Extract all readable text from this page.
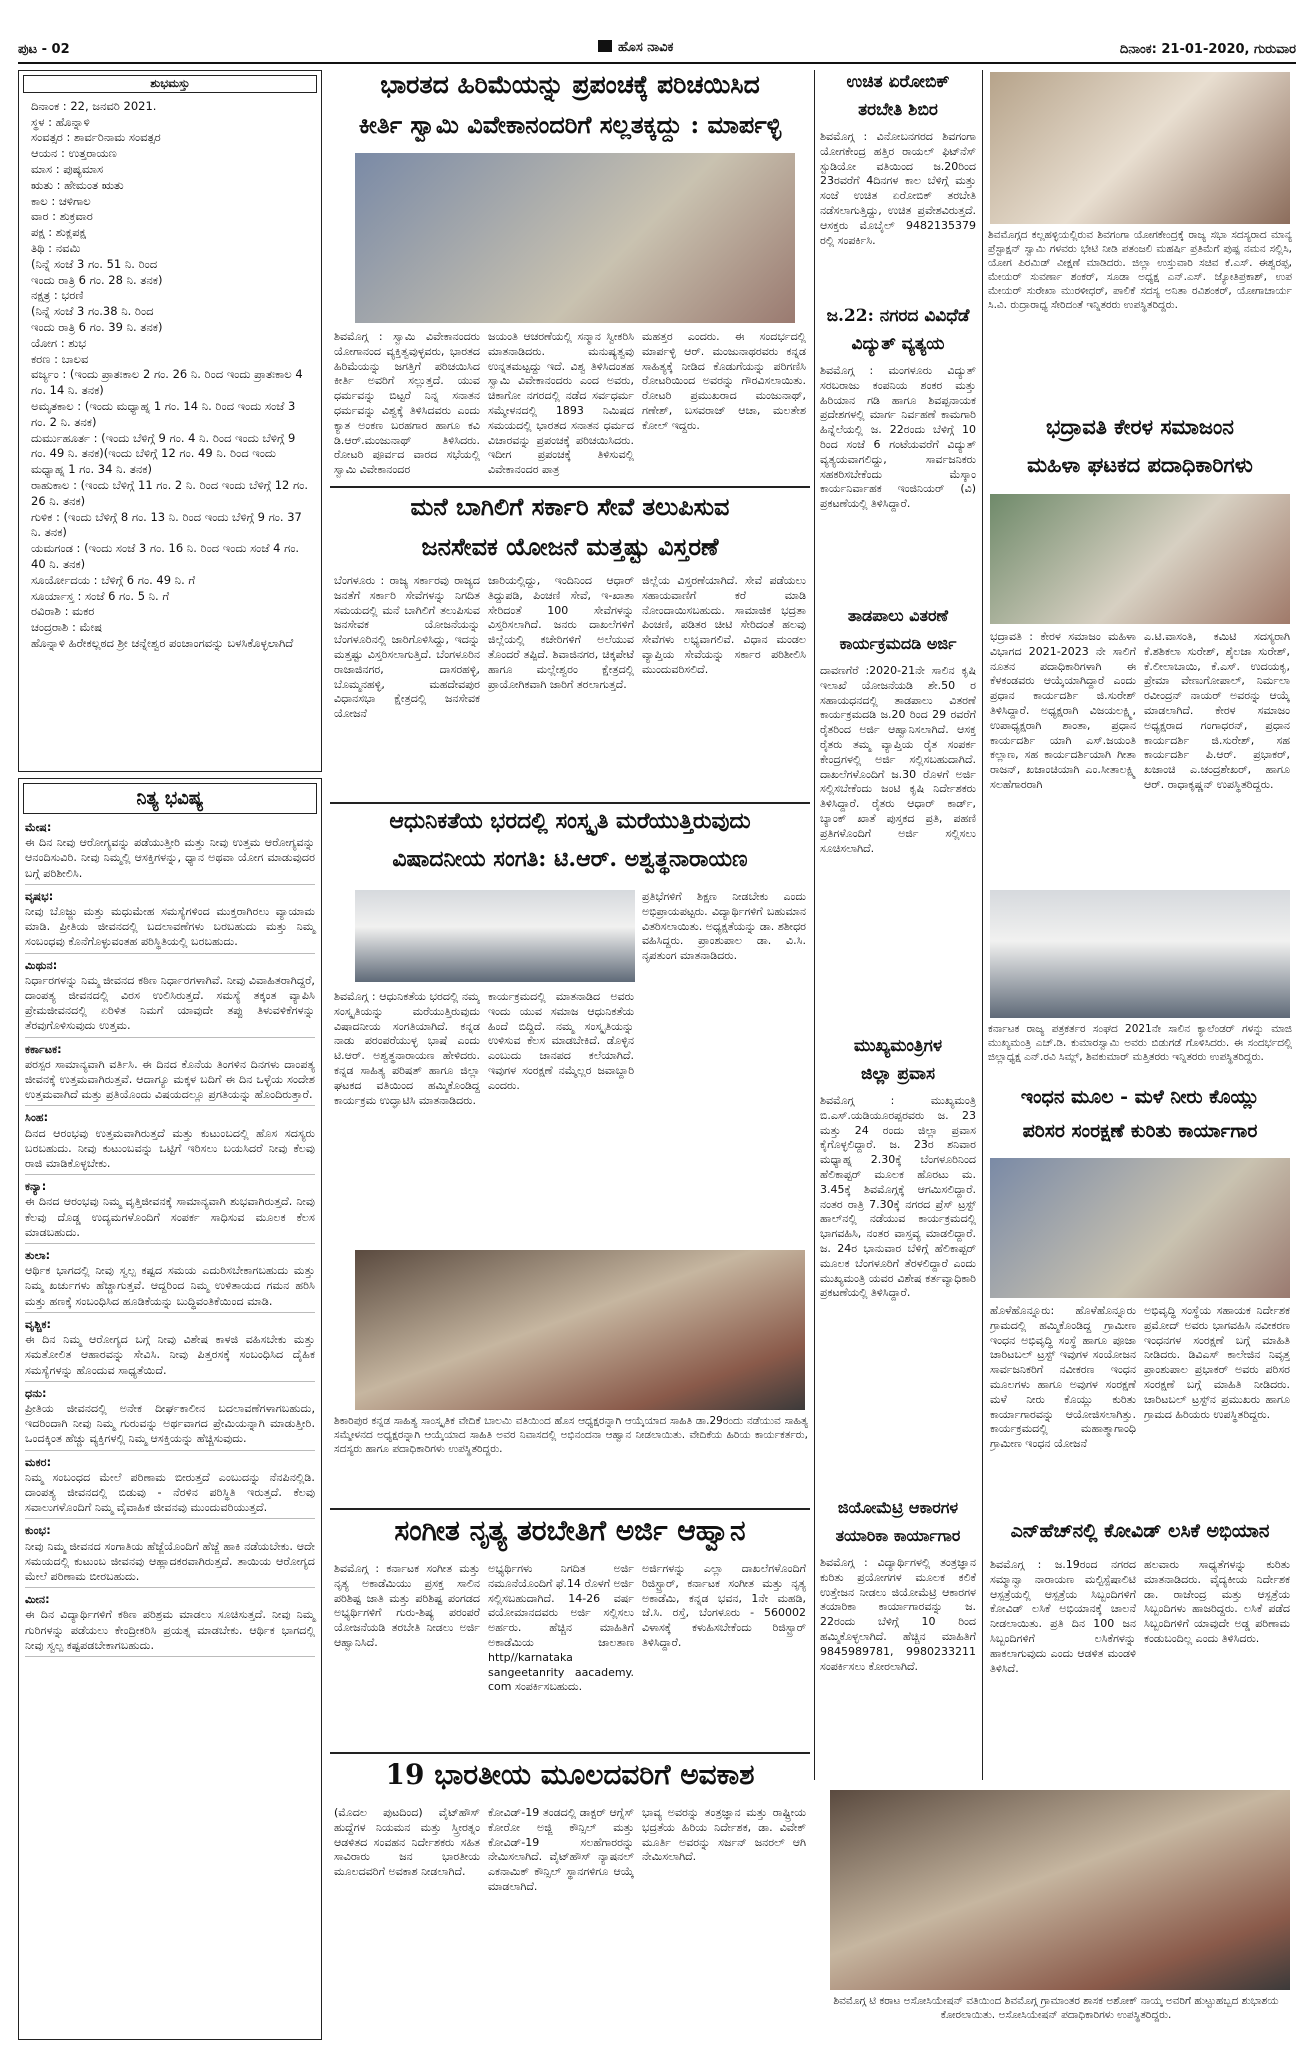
ಪುಟ - 02	ಹೊಸ ನಾವಿಕ	ದಿನಾಂಕ: 21-01-2020, ಗುರುವಾರ
ಶುಭಮಸ್ತು
ದಿನಾಂಕ : 22, ಜನವರಿ 2021.
ಸ್ಥಳ : ಹೊನ್ನಾಳಿ
ಸಂವತ್ಸರ : ಶಾರ್ವರಿನಾಮ ಸಂವತ್ಸರ
ಆಯನ : ಉತ್ತರಾಯಣ
ಮಾಸ : ಪುಷ್ಯಮಾಸ
ಋತು : ಹೇಮಂತ ಋತು
ಕಾಲ : ಚಳಿಗಾಲ
ವಾರ : ಶುಕ್ರವಾರ
ಪಕ್ಷ : ಶುಕ್ಲಪಕ್ಷ
ತಿಥಿ : ನವಮಿ
(ನಿನ್ನೆ ಸಂಜೆ 3 ಗಂ. 51 ನಿ. ರಿಂದ
ಇಂದು ರಾತ್ರಿ 6 ಗಂ. 28 ನಿ. ತನಕ)
ನಕ್ಷತ್ರ : ಭರಣಿ
(ನಿನ್ನೆ ಸಂಜೆ 3 ಗಂ.38 ನಿ. ರಿಂದ
ಇಂದು ರಾತ್ರಿ 6 ಗಂ. 39 ನಿ. ತನಕ)
ಯೋಗ : ಶುಭ
ಕರಣ : ಬಾಲವ
ವರ್ಜ್ಯಂ : (ಇಂದು ಪ್ರಾತಃಕಾಲ 2 ಗಂ. 26 ನಿ. ರಿಂದ ಇಂದು ಪ್ರಾತಃಕಾಲ 4 ಗಂ. 14 ನಿ. ತನಕ)
ಅಮೃತಕಾಲ : (ಇಂದು ಮಧ್ಯಾಹ್ನ 1 ಗಂ. 14 ನಿ. ರಿಂದ ಇಂದು ಸಂಜೆ 3 ಗಂ. 2 ನಿ. ತನಕ)
ದುರ್ಮುಹೂರ್ತ : (ಇಂದು ಬೆಳಿಗ್ಗೆ 9 ಗಂ. 4 ನಿ. ರಿಂದ ಇಂದು ಬೆಳಿಗ್ಗೆ 9 ಗಂ. 49 ನಿ. ತನಕ)(ಇಂದು ಬೆಳಿಗ್ಗೆ 12 ಗಂ. 49 ನಿ. ರಿಂದ ಇಂದು ಮಧ್ಯಾಹ್ನ 1 ಗಂ. 34 ನಿ. ತನಕ)
ರಾಹುಕಾಲ : (ಇಂದು ಬೆಳಿಗ್ಗೆ 11 ಗಂ. 2 ನಿ. ರಿಂದ ಇಂದು ಬೆಳಿಗ್ಗೆ 12 ಗಂ. 26 ನಿ. ತನಕ)
ಗುಳಿಕ : (ಇಂದು ಬೆಳಿಗ್ಗೆ 8 ಗಂ. 13 ನಿ. ರಿಂದ ಇಂದು ಬೆಳಿಗ್ಗೆ 9 ಗಂ. 37 ನಿ. ತನಕ)
ಯಮಗಂಡ : (ಇಂದು ಸಂಜೆ 3 ಗಂ. 16 ನಿ. ರಿಂದ ಇಂದು ಸಂಜೆ 4 ಗಂ. 40 ನಿ. ತನಕ)
ಸೂರ್ಯೋದಯ : ಬೆಳಿಗ್ಗೆ 6 ಗಂ. 49 ನಿ. ಗೆ
ಸೂರ್ಯಾಸ್ತ : ಸಂಜೆ 6 ಗಂ. 5 ನಿ. ಗೆ
ರವಿರಾಶಿ : ಮಕರ
ಚಂದ್ರರಾಶಿ : ಮೇಷ
ಹೊನ್ನಾಳಿ ಹಿರೇಕಲ್ಲಠದ ಶ್ರೀ ಚನ್ನೇಶ್ವರ ಪಂಚಾಂಗವನ್ನು ಬಳಸಿಕೊಳ್ಳಲಾಗಿದೆ
ನಿತ್ಯ ಭವಿಷ್ಯ
ಮೇಷ:
ಈ ದಿನ ನೀವು ಆರೋಗ್ಯವನ್ನು ಪಡೆಯುತ್ತೀರಿ ಮತ್ತು ನೀವು ಉತ್ತಮ ಆರೋಗ್ಯವನ್ನು ಆನಂದಿಸುವಿರಿ. ನೀವು ನಿಮ್ಮಲ್ಲಿ ಆಸಕ್ತಿಗಳನ್ನು, ಧ್ಯಾನ ಅಥವಾ ಯೋಗ ಮಾಡುವುದರ ಬಗ್ಗೆ ಪರಿಶೀಲಿಸಿ.
ವೃಷಭ:
ನೀವು ಬೊಜ್ಜು ಮತ್ತು ಮಧುಮೇಹ ಸಮಸ್ಯೆಗಳಿಂದ ಮುಕ್ತರಾಗಿರಲು ವ್ಯಾಯಾಮ ಮಾಡಿ. ಪ್ರೀತಿಯ ಜೀವನದಲ್ಲಿ ಬದಲಾವಣೆಗಳು ಬರಬಹುದು ಮತ್ತು ನಿಮ್ಮ ಸಂಬಂಧವು ಕೊನೆಗೊಳ್ಳುವಂತಹ ಪರಿಸ್ಥಿತಿಯಲ್ಲಿ ಬರಬಹುದು.
ಮಿಥುನ:
ನಿರ್ಧಾರಗಳನ್ನು ನಿಮ್ಮ ಜೀವನದ ಕಠಿಣ ನಿರ್ಧಾರಗಳಾಗಿವೆ. ನೀವು ವಿವಾಹಿತರಾಗಿದ್ದರೆ, ದಾಂಪತ್ಯ ಜೀವನದಲ್ಲಿ ವಿರಸ ಉಲಿಸಿರುತ್ತದೆ. ಸಮಸ್ಯೆ ತಕ್ಕಂತ ವ್ಯಾಪಿಸಿ ಪ್ರೇಮಜೀವನದಲ್ಲಿ ಏರಿಳಿತ ನಿಮಗೆ ಯಾವುದೇ ತಪ್ಪು ತಿಳುವಳಿಕೆಗಳನ್ನು ತೆರವುಗೊಳಿಸುವುದು ಉತ್ತಮ.
ಕರ್ಕಾಟಕ:
ಪರಸ್ಪರ ಸಾಮಾನ್ಯವಾಗಿ ವರ್ತಿಸಿ. ಈ ದಿನದ ಕೊನೆಯ ತಿಂಗಳಿನ ದಿನಗಳು ದಾಂಪತ್ಯ ಜೀವನಕ್ಕೆ ಉತ್ತಮವಾಗಿರುತ್ತವೆ. ಆದಾಗ್ಯೂ ಮಕ್ಕಳ ಬದಿಗೆ ಈ ದಿನ ಒಳ್ಳೆಯ ಸಂದೇಶ ಉತ್ತಮವಾಗಿದೆ ಮತ್ತು ಪ್ರತಿಯೊಂದು ವಿಷಯದಲ್ಲೂ ಪ್ರಗತಿಯನ್ನು ಹೊಂದಿರುತ್ತಾರೆ.
ಸಿಂಹ:
ದಿನದ ಆರಂಭವು ಉತ್ತಮವಾಗಿರುತ್ತದೆ ಮತ್ತು ಕುಟುಂಬದಲ್ಲಿ ಹೊಸ ಸದಸ್ಯರು ಬರಬಹುದು. ನೀವು ಕುಟುಂಬವನ್ನು ಒಟ್ಟಿಗೆ ಇರಿಸಲು ಬಯಸಿದರೆ ನೀವು ಕೆಲವು ರಾಜಿ ಮಾಡಿಕೊಳ್ಳಬೇಕು.
ಕನ್ಯಾ:
ಈ ದಿನದ ಆರಂಭವು ನಿಮ್ಮ ವೃತ್ತಿಜೀವನಕ್ಕೆ ಸಾಮಾನ್ಯವಾಗಿ ಶುಭವಾಗಿರುತ್ತದೆ. ನೀವು ಕೆಲವು ದೊಡ್ಡ ಉದ್ಯಮಗಳೊಂದಿಗೆ ಸಂಪರ್ಕ ಸಾಧಿಸುವ ಮೂಲಕ ಕೆಲಸ ಮಾಡಬಹುದು.
ತುಲಾ:
ಆರ್ಥಿಕ ಭಾಗದಲ್ಲಿ ನೀವು ಸ್ವಲ್ಪ ಕಷ್ಟದ ಸಮಯ ಎದುರಿಸಬೇಕಾಗಬಹುದು ಮತ್ತು ನಿಮ್ಮ ಖರ್ಚುಗಳು ಹೆಚ್ಚಾಗುತ್ತವೆ. ಆದ್ದರಿಂದ ನಿಮ್ಮ ಉಳಿತಾಯದ ಗಮನ ಹರಿಸಿ ಮತ್ತು ಹಣಕ್ಕೆ ಸಂಬಂಧಿಸಿದ ಹೂಡಿಕೆಯನ್ನು ಬುದ್ಧಿವಂತಿಕೆಯಿಂದ ಮಾಡಿ.
ವೃಶ್ಚಿಕ:
ಈ ದಿನ ನಿಮ್ಮ ಆರೋಗ್ಯದ ಬಗ್ಗೆ ನೀವು ವಿಶೇಷ ಕಾಳಜಿ ವಹಿಸಬೇಕು ಮತ್ತು ಸಮತೋಲಿತ ಆಹಾರವನ್ನು ಸೇವಿಸಿ. ನೀವು ಪಿತ್ತರಸಕ್ಕೆ ಸಂಬಂಧಿಸಿದ ದೈಹಿಕ ಸಮಸ್ಯೆಗಳನ್ನು ಹೊಂದುವ ಸಾಧ್ಯತೆಯಿದೆ.
ಧನು:
ಪ್ರೀತಿಯ ಜೀವನದಲ್ಲಿ ಅನೇಕ ದೀರ್ಘಕಾಲೀನ ಬದಲಾವಣೆಗಳಾಗಬಹುದು, ಇದರಿಂದಾಗಿ ನೀವು ನಿಮ್ಮ ಗುರುವನ್ನು ಅರ್ಥವಾಗದ ಪ್ರೇಮಿಯನ್ನಾಗಿ ಮಾಡುತ್ತೀರಿ. ಒಂದಕ್ಕಿಂತ ಹೆಚ್ಚು ವ್ಯಕ್ತಿಗಳಲ್ಲಿ ನಿಮ್ಮ ಆಸಕ್ತಿಯನ್ನು ಹೆಚ್ಚಿಸುವುದು.
ಮಕರ:
ನಿಮ್ಮ ಸಂಬಂಧದ ಮೇಲೆ ಪರಿಣಾಮ ಬೀರುತ್ತದೆ ಎಂಬುದನ್ನು ನೆನಪಿನಲ್ಲಿಡಿ. ದಾಂಪತ್ಯ ಜೀವನದಲ್ಲಿ ಬಿಡುವು - ನೆರಳಿನ ಪರಿಸ್ಥಿತಿ ಇರುತ್ತದೆ. ಕೆಲವು ಸವಾಲುಗಳೊಂದಿಗೆ ನಿಮ್ಮ ವೈವಾಹಿಕ ಜೀವನವು ಮುಂದುವರಿಯುತ್ತದೆ.
ಕುಂಭ:
ನೀವು ನಿಮ್ಮ ಜೀವನದ ಸಂಗಾತಿಯ ಹೆಜ್ಜೆಯೊಂದಿಗೆ ಹೆಜ್ಜೆ ಹಾಕಿ ನಡೆಯಬೇಕು. ಆದೇ ಸಮಯದಲ್ಲಿ ಕುಟುಂಬ ಜೀವನವು ಆಹ್ಲಾದಕರವಾಗಿರುತ್ತದೆ. ತಾಯಿಯ ಆರೋಗ್ಯದ ಮೇಲೆ ಪರಿಣಾಮ ಬೀರಬಹುದು.
ಮೀನ:
ಈ ದಿನ ವಿದ್ಯಾರ್ಥಿಗಳಿಗೆ ಕಠಿಣ ಪರಿಶ್ರಮ ಮಾಡಲು ಸೂಚಿಸುತ್ತದೆ. ನೀವು ನಿಮ್ಮ ಗುರಿಗಳನ್ನು ಪಡೆಯಲು ಕೇಂದ್ರೀಕರಿಸಿ ಪ್ರಯತ್ನ ಮಾಡಬೇಕು. ಆರ್ಥಿಕ ಭಾಗದಲ್ಲಿ ನೀವು ಸ್ವಲ್ಪ ಕಷ್ಟಪಡಬೇಕಾಗಬಹುದು.
ಭಾರತದ ಹಿರಿಮೆಯನ್ನು ಪ್ರಪಂಚಕ್ಕೆ ಪರಿಚಯಿಸಿದ
ಕೀರ್ತಿ ಸ್ವಾಮಿ ವಿವೇಕಾನಂದರಿಗೆ ಸಲ್ಲತಕ್ಕದ್ದು : ಮಾರ್ಪಳ್ಳಿ
ಶಿವಮೊಗ್ಗ : ಸ್ವಾಮಿ ವಿವೇಕಾನಂದರು ಯೋಗಾನಂದ ವ್ಯಕ್ತಿತ್ವವುಳ್ಳವರು, ಭಾರತದ ಹಿರಿಮೆಯನ್ನು ಜಗತ್ತಿಗೆ ಪರಿಚಯಿಸಿದ ಕೀರ್ತಿ ಅವರಿಗೆ ಸಲ್ಲುತ್ತದೆ. ಯುವ ಧರ್ಮವನ್ನು ಬಿಟ್ಟರೆ ನಿನ್ನ ಸನಾತನ ಧರ್ಮವನ್ನು ವಿಶ್ವಕ್ಕೆ ತಿಳಿಸಿದವರು ಎಂದು ಕ್ಯಾತ ಅಂಕಣ ಬರಹಗಾರ ಹಾಗೂ ಕವಿ ಡಿ.ಆರ್.ಮಂಜುನಾಥ್ ತಿಳಿಸಿದರು. ರೋಟರಿ ಪೂರ್ವದ ವಾರದ ಸಭೆಯಲ್ಲಿ ಸ್ವಾಮಿ ವಿವೇಕಾನಂದರ
ಜಯಂತಿ ಆಚರಣೆಯಲ್ಲಿ ಸನ್ಮಾನ ಸ್ವೀಕರಿಸಿ ಮಾತನಾಡಿದರು. ಮನುಷ್ಯತ್ವವು ಉನ್ನತಮಟ್ಟದ್ದು ಇದೆ. ವಿಶ್ವ ತಿಳಿಸಿದಂತಹ ಸ್ವಾಮಿ ವಿವೇಕಾನಂದರು ಎಂದ ಅವರು, ಚಿಕಾಗೋ ನಗರದಲ್ಲಿ ನಡೆದ ಸರ್ವಧರ್ಮ ಸಮ್ಮೇಳನದಲ್ಲಿ 1893 ನಿಮಿಷದ ಸಮಯದಲ್ಲಿ ಭಾರತದ ಸನಾತನ ಧರ್ಮದ ವಿಚಾರವನ್ನು ಪ್ರಪಂಚಕ್ಕೆ ಪರಿಚಯಿಸಿದರು. ಇದೀಗ ಪ್ರಪಂಚಕ್ಕೆ ತಿಳಿಸುವಲ್ಲಿ ವಿವೇಕಾನಂದರ ಪಾತ್ರ
ಮಹತ್ತರ ಎಂದರು. ಈ ಸಂದರ್ಭದಲ್ಲಿ ಮಾರ್ಪಳ್ಳಿ ಆರ್. ಮಂಜುನಾಥರವರು ಕನ್ನಡ ಸಾಹಿತ್ಯಕ್ಕೆ ನೀಡಿದ ಕೊಡುಗೆಯನ್ನು ಪರಿಗಣಿಸಿ ರೋಟರಿಯಿಂದ ಅವರನ್ನು ಗೌರವಿಸಲಾಯಿತು. ರೋಟರಿ ಪ್ರಮುಖರಾದ ಮಂಜುನಾಥ್, ಗಣೇಶ್, ಬಸವರಾಜ್ ಆಚಾ, ಮಲತೇಶ ಕೋಲ್ ಇದ್ದರು.
ಮನೆ ಬಾಗಿಲಿಗೆ ಸರ್ಕಾರಿ ಸೇವೆ ತಲುಪಿಸುವ
ಜನಸೇವಕ ಯೋಜನೆ ಮತ್ತಷ್ಟು ವಿಸ್ತರಣೆ
ಬೆಂಗಳೂರು : ರಾಜ್ಯ ಸರ್ಕಾರವು ರಾಜ್ಯದ ಜನತೆಗೆ ಸರ್ಕಾರಿ ಸೇವೆಗಳನ್ನು ನಿಗದಿತ ಸಮಯದಲ್ಲಿ ಮನೆ ಬಾಗಿಲಿಗೆ ತಲುಪಿಸುವ ಜನಸೇವಕ ಯೋಜನೆಯನ್ನು ಬೆಂಗಳೂರಿನಲ್ಲಿ ಜಾರಿಗೊಳಿಸಿದ್ದು, ಇದನ್ನು ಮತ್ತಷ್ಟು ವಿಸ್ತರಿಸಲಾಗುತ್ತಿದೆ. ಬೆಂಗಳೂರಿನ ರಾಜಾಜಿನಗರ, ದಾಸರಹಳ್ಳಿ, ಬೊಮ್ಮನಹಳ್ಳಿ, ಮಹದೇವಪುರ ವಿಧಾನಸಭಾ ಕ್ಷೇತ್ರದಲ್ಲಿ ಜನಸೇವಕ ಯೋಜನೆ
ಜಾರಿಯಲ್ಲಿದ್ದು, ಇಂದಿನಿಂದ ಆಧಾರ್ ತಿದ್ದುಪಡಿ, ಪಿಂಚಣಿ ಸೇವೆ, ಇ-ಖಾತಾ ಸೇರಿದಂತೆ 100 ಸೇವೆಗಳನ್ನು ವಿಸ್ತರಿಸಲಾಗಿದೆ. ಜನರು ದಾಖಲೆಗಳಿಗೆ ಜಿಲ್ಲೆಯಲ್ಲಿ ಕಚೇರಿಗಳಿಗೆ ಅಲೆಯುವ ತೊಂದರೆ ತಪ್ಪಿದೆ. ಶಿವಾಜಿನಗರ, ಚಿಕ್ಕಪೇಟೆ ಹಾಗೂ ಮಲ್ಲೇಶ್ವರಂ ಕ್ಷೇತ್ರದಲ್ಲಿ ಪ್ರಾಯೋಗಿಕವಾಗಿ ಜಾರಿಗೆ ತರಲಾಗುತ್ತದೆ.
ಜಿಲ್ಲೆಯ ವಿಸ್ತರಣೆಯಾಗಿದೆ. ಸೇವೆ ಪಡೆಯಲು ಸಹಾಯವಾಣಿಗೆ ಕರೆ ಮಾಡಿ ನೋಂದಾಯಿಸಬಹುದು. ಸಾಮಾಜಿಕ ಭದ್ರತಾ ಪಿಂಚಣಿ, ಪಡಿತರ ಚೀಟಿ ಸೇರಿದಂತೆ ಹಲವು ಸೇವೆಗಳು ಲಭ್ಯವಾಗಲಿವೆ. ವಿಧಾನ ಮಂಡಲ ವ್ಯಾಪ್ತಿಯ ಸೇವೆಯನ್ನು ಸರ್ಕಾರ ಪರಿಶೀಲಿಸಿ ಮುಂದುವರಿಸಲಿದೆ.
ಆಧುನಿಕತೆಯ ಭರದಲ್ಲಿ ಸಂಸ್ಕೃತಿ ಮರೆಯುತ್ತಿರುವುದು
ವಿಷಾದನೀಯ ಸಂಗತಿ: ಟಿ.ಆರ್. ಅಶ್ವತ್ಥನಾರಾಯಣ
ಶಿವಮೊಗ್ಗ : ಆಧುನಿಕತೆಯ ಭರದಲ್ಲಿ ನಮ್ಮ ಸಂಸ್ಕೃತಿಯನ್ನು ಮರೆಯುತ್ತಿರುವುದು ವಿಷಾದನೀಯ ಸಂಗತಿಯಾಗಿದೆ. ಕನ್ನಡ ನಾಡು ಪರಂಪರೆಯುಳ್ಳ ಭಾಷೆ ಎಂದು ಟಿ.ಆರ್. ಅಶ್ವತ್ಥನಾರಾಯಣ ಹೇಳಿದರು. ಕನ್ನಡ ಸಾಹಿತ್ಯ ಪರಿಷತ್ ಹಾಗೂ ಜಿಲ್ಲಾ ಘಟಕದ ವತಿಯಿಂದ ಹಮ್ಮಿಕೊಂಡಿದ್ದ ಕಾರ್ಯಕ್ರಮ ಉದ್ಘಾಟಿಸಿ ಮಾತನಾಡಿದರು.
ಕಾರ್ಯಕ್ರಮದಲ್ಲಿ ಮಾತನಾಡಿದ ಅವರು ಇಂದು ಯುವ ಸಮಾಜ ಆಧುನಿಕತೆಯ ಹಿಂದೆ ಬಿದ್ದಿದೆ. ನಮ್ಮ ಸಂಸ್ಕೃತಿಯನ್ನು ಉಳಿಸುವ ಕೆಲಸ ಮಾಡಬೇಕಿದೆ. ಡೊಳ್ಳಿನ ಎಂಬುದು ಜಾನಪದ ಕಲೆಯಾಗಿದೆ. ಇವುಗಳ ಸಂರಕ್ಷಣೆ ನಮ್ಮೆಲ್ಲರ ಜವಾಬ್ದಾರಿ ಎಂದರು.
ಪ್ರತಿಭೆಗಳಿಗೆ ಶಿಕ್ಷಣ ನೀಡಬೇಕು ಎಂದು ಅಭಿಪ್ರಾಯಪಟ್ಟರು. ವಿದ್ಯಾರ್ಥಿಗಳಿಗೆ ಬಹುಮಾನ ವಿತರಿಸಲಾಯಿತು. ಅಧ್ಯಕ್ಷತೆಯನ್ನು ಡಾ. ಶಶೀಧರ ವಹಿಸಿದ್ದರು. ಪ್ರಾಂಶುಪಾಲ ಡಾ. ವಿ.ಸಿ. ನೃಪತುಂಗ ಮಾತನಾಡಿದರು.
ಶಿಕಾರಿಪುರ ಕನ್ನಡ ಸಾಹಿತ್ಯ ಸಾಂಸ್ಕೃತಿಕ ವೇದಿಕೆ ಬಾಲಮಿ ವತಿಯಿಂದ ಹೊಸ ಆಧ್ಯಕ್ಷರನ್ನಾಗಿ ಆಯ್ಕೆಯಾದ ಸಾಹಿತಿ ಡಾ.29ರಂದು ನಡೆಯುವ ಸಾಹಿತ್ಯ ಸಮ್ಮೇಳನದ ಅಧ್ಯಕ್ಷರನ್ನಾಗಿ ಆಯ್ಕೆಯಾದ ಸಾಹಿತಿ ಅವರ ನಿವಾಸದಲ್ಲಿ ಅಭಿನಂದನಾ ಆಹ್ವಾನ ನೀಡಲಾಯಿತು. ವೇದಿಕೆಯ ಹಿರಿಯ ಕಾರ್ಯಕರ್ತರು, ಸದಸ್ಯರು ಹಾಗೂ ಪದಾಧಿಕಾರಿಗಳು ಉಪಸ್ಥಿತರಿದ್ದರು.
ಸಂಗೀತ ನೃತ್ಯ ತರಬೇತಿಗೆ ಅರ್ಜಿ ಆಹ್ವಾನ
ಶಿವಮೊಗ್ಗ : ಕರ್ನಾಟಕ ಸಂಗೀತ ಮತ್ತು ನೃತ್ಯ ಅಕಾಡೆಮಿಯು ಪ್ರಸಕ್ತ ಸಾಲಿನ ಪರಿಶಿಷ್ಟ ಜಾತಿ ಮತ್ತು ಪರಿಶಿಷ್ಟ ಪಂಗಡದ ಅಭ್ಯರ್ಥಿಗಳಿಗೆ ಗುರು-ಶಿಷ್ಯ ಪರಂಪರೆ ಯೋಜನೆಯಡಿ ತರಬೇತಿ ನೀಡಲು ಅರ್ಜಿ ಆಹ್ವಾನಿಸಿದೆ.
ಅಭ್ಯರ್ಥಿಗಳು ನಿಗದಿತ ಅರ್ಜಿ ನಮೂನೆಯೊಂದಿಗೆ ಫೆ.14 ರೊಳಗೆ ಅರ್ಜಿ ಸಲ್ಲಿಸಬಹುದಾಗಿದೆ. 14-26 ವರ್ಷ ವಯೋಮಾನದವರು ಅರ್ಜಿ ಸಲ್ಲಿಸಲು ಅರ್ಹರು. ಹೆಚ್ಚಿನ ಮಾಹಿತಿಗೆ ಅಕಾಡೆಮಿಯ ಜಾಲತಾಣ http//karnataka sangeetanrity aacademy. com ಸಂಪರ್ಕಿಸಬಹುದು.
ಅರ್ಜಿಗಳನ್ನು ಎಲ್ಲಾ ದಾಖಲೆಗಳೊಂದಿಗೆ ರಿಜಿಸ್ಟ್ರಾರ್, ಕರ್ನಾಟಕ ಸಂಗೀತ ಮತ್ತು ನೃತ್ಯ ಅಕಾಡೆಮಿ, ಕನ್ನಡ ಭವನ, 1ನೇ ಮಹಡಿ, ಜೆ.ಸಿ. ರಸ್ತೆ, ಬೆಂಗಳೂರು - 560002 ವಿಳಾಸಕ್ಕೆ ಕಳುಹಿಸಬೇಕೆಂದು ರಿಜಿಸ್ಟ್ರಾರ್ ತಿಳಿಸಿದ್ದಾರೆ.
19 ಭಾರತೀಯ ಮೂಲದವರಿಗೆ ಅವಕಾಶ
(ಮೊದಲ ಪುಟದಿಂದ) ವೈಟ್‌ಹೌಸ್ ಹುದ್ದೆಗಳ ನಿಯಮನ ಮತ್ತು ಸ್ತ್ರೀರತ್ನಂ ಆಡಳಿತದ ಸಂವಹನ ನಿರ್ದೇಶಕರು ಸಹಿತ ಸಾವಿರಾರು ಜನ ಭಾರತೀಯ ಮೂಲದವರಿಗೆ ಅವಕಾಶ ನೀಡಲಾಗಿದೆ.
ಕೋವಿಡ್-19 ತಂಡದಲ್ಲಿ ಡಾಕ್ಟರ್ ಆಗ್ನೆಸ್ ಕೋರೋ ಅಜ್ಜಿ ಕೌನ್ಸಿಲ್ ಮತ್ತು ಕೋವಿಡ್-19 ಸಲಹೆಗಾರರನ್ನು ನೇಮಿಸಲಾಗಿದೆ. ವೈಟ್‌ಹೌಸ್ ನ್ಯಾಷನಲ್ ಎಕನಾಮಿಕ್ ಕೌನ್ಸಿಲ್ ಸ್ಥಾನಗಳಿಗೂ ಆಯ್ಕೆ ಮಾಡಲಾಗಿದೆ.
ಭಾವ್ಯ ಅವರನ್ನು ತಂತ್ರಜ್ಞಾನ ಮತ್ತು ರಾಷ್ಟ್ರೀಯ ಭದ್ರತೆಯ ಹಿರಿಯ ನಿರ್ದೇಶಕ, ಡಾ. ವಿವೇಕ್ ಮೂರ್ತಿ ಅವರನ್ನು ಸರ್ಜನ್ ಜನರಲ್ ಆಗಿ ನೇಮಿಸಲಾಗಿದೆ.
ಉಚಿತ ಏರೋಬಿಕ್
ತರಬೇತಿ ಶಿಬಿರ
ಶಿವಮೊಗ್ಗ : ವಿನೋಬನಗರದ ಶಿವಗಂಗಾ ಯೋಗಕೇಂದ್ರ ಹತ್ತಿರ ರಾಯಲ್ ಫಿಟ್‌ನೆಸ್ ಸ್ಟುಡಿಯೋ ವತಿಯಿಂದ ಜ.20ರಿಂದ 23ರವರೆಗೆ 4ದಿನಗಳ ಕಾಲ ಬೆಳಿಗ್ಗೆ ಮತ್ತು ಸಂಜೆ ಉಚಿತ ಏರೋಬಿಕ್ ತರಬೇತಿ ನಡೆಸಲಾಗುತ್ತಿದ್ದು, ಉಚಿತ ಪ್ರವೇಶವಿರುತ್ತದೆ. ಆಸಕ್ತರು ಮೊಬೈಲ್ 9482135379 ರಲ್ಲಿ ಸಂಪರ್ಕಿಸಿ.
ಜ.22: ನಗರದ ವಿವಿಧೆಡೆ
ವಿದ್ಯುತ್ ವ್ಯತ್ಯಯ
ಶಿವಮೊಗ್ಗ : ಮಂಗಳೂರು ವಿದ್ಯುತ್ ಸರಬರಾಜು ಕಂಪನಿಯ ಶಂಕರ ಮತ್ತು ಹಿರಿಯಾನ ಗಡಿ ಹಾಗೂ ಶಿವಪ್ಪನಾಯಕ ಪ್ರದೇಶಗಳಲ್ಲಿ ಮಾರ್ಗ ನಿರ್ವಹಣೆ ಕಾಮಗಾರಿ ಹಿನ್ನೆಲೆಯಲ್ಲಿ ಜ. 22ರಂದು ಬೆಳಿಗ್ಗೆ 10 ರಿಂದ ಸಂಜೆ 6 ಗಂಟೆಯವರೆಗೆ ವಿದ್ಯುತ್ ವ್ಯತ್ಯಯವಾಗಲಿದ್ದು, ಸಾರ್ವಜನಿಕರು ಸಹಕರಿಸಬೇಕೆಂದು ಮೆಸ್ಕಾಂ ಕಾರ್ಯನಿರ್ವಾಹಕ ಇಂಜಿನಿಯರ್ (ವಿ) ಪ್ರಕಟಣೆಯಲ್ಲಿ ತಿಳಿಸಿದ್ದಾರೆ.
ತಾಡಪಾಲು ವಿತರಣೆ
ಕಾರ್ಯಕ್ರಮದಡಿ ಅರ್ಜಿ
ದಾವಣಗೆರೆ :2020-21ನೇ ಸಾಲಿನ ಕೃಷಿ ಇಲಾಖೆ ಯೋಜನೆಯಡಿ ಶೇ.50 ರ ಸಹಾಯಧನದಲ್ಲಿ ತಾಡಪಾಲು ವಿತರಣೆ ಕಾರ್ಯಕ್ರಮದಡಿ ಜ.20 ರಿಂದ 29 ರವರೆಗೆ ರೈತರಿಂದ ಅರ್ಜಿ ಆಹ್ವಾನಿಸಲಾಗಿದೆ. ಆಸಕ್ತ ರೈತರು ತಮ್ಮ ವ್ಯಾಪ್ತಿಯ ರೈತ ಸಂಪರ್ಕ ಕೇಂದ್ರಗಳಲ್ಲಿ ಅರ್ಜಿ ಸಲ್ಲಿಸಬಹುದಾಗಿದೆ. ದಾಖಲೆಗಳೊಂದಿಗೆ ಜ.30 ರೊಳಗೆ ಅರ್ಜಿ ಸಲ್ಲಿಸಬೇಕೆಂದು ಜಂಟಿ ಕೃಷಿ ನಿರ್ದೇಶಕರು ತಿಳಿಸಿದ್ದಾರೆ. ರೈತರು ಆಧಾರ್ ಕಾರ್ಡ್, ಬ್ಯಾಂಕ್ ಖಾತೆ ಪುಸ್ತಕದ ಪ್ರತಿ, ಪಹಣಿ ಪ್ರತಿಗಳೊಂದಿಗೆ ಅರ್ಜಿ ಸಲ್ಲಿಸಲು ಸೂಚಿಸಲಾಗಿದೆ.
ಮುಖ್ಯಮಂತ್ರಿಗಳ
ಜಿಲ್ಲಾ ಪ್ರವಾಸ
ಶಿವಮೊಗ್ಗ : ಮುಖ್ಯಮಂತ್ರಿ ಬಿ.ಎಸ್.ಯಡಿಯೂರಪ್ಪರವರು ಜ. 23 ಮತ್ತು 24 ರಂದು ಜಿಲ್ಲಾ ಪ್ರವಾಸ ಕೈಗೊಳ್ಳಲಿದ್ದಾರೆ. ಜ. 23ರ ಶನಿವಾರ ಮಧ್ಯಾಹ್ನ 2.30ಕ್ಕೆ ಬೆಂಗಳೂರಿನಿಂದ ಹೆಲಿಕಾಪ್ಟರ್ ಮೂಲಕ ಹೊರಟು ಮ. 3.45ಕ್ಕೆ ಶಿವಮೊಗ್ಗಕ್ಕೆ ಆಗಮಿಸಲಿದ್ದಾರೆ. ನಂತರ ರಾತ್ರಿ 7.30ಕ್ಕೆ ನಗರದ ಪ್ರೆಸ್ ಟ್ರಸ್ಟ್ ಹಾಲ್‌ನಲ್ಲಿ ನಡೆಯುವ ಕಾರ್ಯಕ್ರಮದಲ್ಲಿ ಭಾಗವಹಿಸಿ, ನಂತರ ವಾಸ್ತವ್ಯ ಮಾಡಲಿದ್ದಾರೆ. ಜ. 24ರ ಭಾನುವಾರ ಬೆಳಿಗ್ಗೆ ಹೆಲಿಕಾಪ್ಟರ್ ಮೂಲಕ ಬೆಂಗಳೂರಿಗೆ ತೆರಳಲಿದ್ದಾರೆ ಎಂದು ಮುಖ್ಯಮಂತ್ರಿ ಯವರ ವಿಶೇಷ ಕರ್ತವ್ಯಾಧಿಕಾರಿ ಪ್ರಕಟಣೆಯಲ್ಲಿ ತಿಳಿಸಿದ್ದಾರೆ.
ಜಿಯೋಮೆಟ್ರಿ ಆಕಾರಗಳ
ತಯಾರಿಕಾ ಕಾರ್ಯಾಗಾರ
ಶಿವಮೊಗ್ಗ : ವಿದ್ಯಾರ್ಥಿಗಳಲ್ಲಿ ತಂತ್ರಜ್ಞಾನ ಕುರಿತು ಪ್ರಯೋಗಗಳ ಮೂಲಕ ಕಲಿಕೆ ಉತ್ತೇಜನ ನೀಡಲು ಜಿಯೋಮೆಟ್ರಿ ಆಕಾರಗಳ ತಯಾರಿಕಾ ಕಾರ್ಯಾಗಾರವನ್ನು ಜ. 22ರಂದು ಬೆಳಿಗ್ಗೆ 10 ರಿಂದ ಹಮ್ಮಿಕೊಳ್ಳಲಾಗಿದೆ. ಹೆಚ್ಚಿನ ಮಾಹಿತಿಗೆ 9845989781, 9980233211 ಸಂಪರ್ಕಿಸಲು ಕೋರಲಾಗಿದೆ.
ಶಿವಮೊಗ್ಗದ ಕಲ್ಲಹಳ್ಳಿಯಲ್ಲಿರುವ ಶಿವಗಂಗಾ ಯೋಗಕೇಂದ್ರಕ್ಕೆ ರಾಜ್ಯ ಸಭಾ ಸದಸ್ಯರಾದ ಮಾನ್ಯ ಪ್ರೆಸ್ಟಾಕ್ಷನ್ ಸ್ವಾಮಿ ಗಳವರು ಭೇಟಿ ನೀಡಿ ಪತಂಜಲಿ ಮಹರ್ಷಿ ಪ್ರತಿಮೆಗೆ ಪುಷ್ಪ ನಮನ ಸಲ್ಲಿಸಿ, ಯೋಗ ಪಿರಮಿಡ್ ವೀಕ್ಷಣೆ ಮಾಡಿದರು. ಜಿಲ್ಲಾ ಉಸ್ತುವಾರಿ ಸಚಿವ ಕೆ.ಎಸ್. ಈಶ್ವರಪ್ಪ, ಮೇಯರ್ ಸುವರ್ಣಾ ಶಂಕರ್, ಸೂಡಾ ಅಧ್ಯಕ್ಷ ಎನ್.ಎಸ್. ಜ್ಯೋತಿಪ್ರಕಾಶ್, ಉಪ ಮೇಯರ್ ಸುರೇಖಾ ಮುರಳೀಧರ್, ಪಾಲಿಕೆ ಸದಸ್ಯ ಅನಿತಾ ರವಿಶಂಕರ್, ಯೋಗಾಚಾರ್ಯ ಸಿ.ವಿ. ರುದ್ರಾರಾಧ್ಯ ಸೇರಿದಂತೆ ಇನ್ನಿತರರು ಉಪಸ್ಥಿತರಿದ್ದರು.
ಭದ್ರಾವತಿ ಕೇರಳ ಸಮಾಜಂನ
ಮಹಿಳಾ ಘಟಕದ ಪದಾಧಿಕಾರಿಗಳು
ಭದ್ರಾವತಿ : ಕೇರಳ ಸಮಾಜಂ ಮಹಿಳಾ ವಿಭಾಗದ 2021-2023 ನೇ ಸಾಲಿಗೆ ನೂತನ ಪದಾಧಿಕಾರಿಗಳಾಗಿ ಈ ಕೆಳಕಂಡವರು ಆಯ್ಕೆಯಾಗಿದ್ದಾರೆ ಎಂದು ಪ್ರಧಾನ ಕಾರ್ಯದರ್ಶಿ ಜಿ.ಸುರೇಶ್ ತಿಳಿಸಿದ್ದಾರೆ. ಅಧ್ಯಕ್ಷರಾಗಿ ವಿಜಯಲಕ್ಷ್ಮಿ, ಉಪಾಧ್ಯಕ್ಷರಾಗಿ ಶಾಂತಾ, ಪ್ರಧಾನ ಕಾರ್ಯದರ್ಶಿ ಯಾಗಿ ಎಸ್.ಜಯಂತಿ ಕಲ್ಲಾಣ, ಸಹ ಕಾರ್ಯದರ್ಶಿಯಾಗಿ ಗೀತಾ ರಾಜನ್, ಖಜಾಂಚಿಯಾಗಿ ಎಂ.ಸೀತಾಲಕ್ಷ್ಮಿ ಸಲಹೆಗಾರರಾಗಿ
ಎ.ಟಿ.ವಾಸಂತಿ, ಕಮಿಟಿ ಸದಸ್ಯರಾಗಿ ಕೆ.ಶಶಿಕಲಾ ಸುರೇಶ್, ಶೈಲಜಾ ಸುರೇಶ್, ಕೆ.ಲೀಲಾಬಾಯಿ, ಕೆ.ಎಸ್. ಉದಯಕೃ, ಪ್ರೇಮಾ ವೇಣುಗೋಪಾಲ್, ನಿರ್ಮಲಾ ರವೀಂದ್ರನ್ ನಾಯರ್ ಅವರನ್ನು ಆಯ್ಕೆ ಮಾಡಲಾಗಿದೆ. ಕೇರಳ ಸಮಾಜಂ ಅಧ್ಯಕ್ಷರಾದ ಗಂಗಾಧರನ್, ಪ್ರಧಾನ ಕಾರ್ಯದರ್ಶಿ ಜಿ.ಸುರೇಶ್, ಸಹ ಕಾರ್ಯದರ್ಶಿ ಪಿ.ಆರ್. ಪ್ರಭಾಕರ್, ಖಜಾಂಚಿ ಎ.ಚಂದ್ರಶೇಖರ್, ಹಾಗೂ ಆರ್. ರಾಧಾಕೃಷ್ಣನ್ ಉಪಸ್ಥಿತರಿದ್ದರು.
ಕರ್ನಾಟಕ ರಾಜ್ಯ ಪತ್ರಕರ್ತರ ಸಂಘದ 2021ನೇ ಸಾಲಿನ ಕ್ಯಾಲೆಂಡರ್ ಗಳನ್ನು ಮಾಜಿ ಮುಖ್ಯಮಂತ್ರಿ ಎಚ್.ಡಿ. ಕುಮಾರಸ್ವಾಮಿ ಅವರು ಬಿಡುಗಡೆ ಗೊಳಿಸಿದರು. ಈ ಸಂದರ್ಭದಲ್ಲಿ ಜಿಲ್ಲಾಧ್ಯಕ್ಷ ಎನ್.ರವಿ ಸಿಮ್ಲ್, ಶಿವಕುಮಾರ್ ಮತ್ತಿತರರು ಇನ್ನಿತರರು ಉಪಸ್ಥಿತರಿದ್ದರು.
ಇಂಧನ ಮೂಲ - ಮಳೆ ನೀರು ಕೊಯ್ಲು
ಪರಿಸರ ಸಂರಕ್ಷಣೆ ಕುರಿತು ಕಾರ್ಯಾಗಾರ
ಹೊಳೆಹೊನ್ನೂರು: ಹೊಳೆಹೊನ್ನೂರು ಗ್ರಾಮದಲ್ಲಿ ಹಮ್ಮಿಕೊಂಡಿದ್ದ ಗ್ರಾಮೀಣ ಇಂಧನ ಅಭಿವೃದ್ಧಿ ಸಂಸ್ಥೆ ಹಾಗೂ ಪೂಜಾ ಚಾರಿಟಬಲ್ ಟ್ರಸ್ಟ್ ಇವುಗಳ ಸಂಯೋಜನ ಸಾರ್ವಜನಿಕರಿಗೆ ನವೀಕರಣ ಇಂಧನ ಮೂಲಗಳು ಹಾಗೂ ಅವುಗಳ ಸಂರಕ್ಷಣೆ ಮಳೆ ನೀರು ಕೊಯ್ಲು ಕುರಿತು ಕಾರ್ಯಾಗಾರವನ್ನು ಆಯೋಜಿಸಲಾಗಿತ್ತು. ಕಾರ್ಯಕ್ರಮದಲ್ಲಿ ಮಹಾತ್ಮಾಗಾಂಧಿ ಗ್ರಾಮೀಣ ಇಂಧನ ಯೋಜನೆ
ಅಭಿವೃದ್ಧಿ ಸಂಸ್ಥೆಯ ಸಹಾಯಕ ನಿರ್ದೇಶಕ ಪ್ರಮೋದ್ ಅವರು ಭಾಗವಹಿಸಿ ನವೀಕರಣ ಇಂಧನಗಳ ಸಂರಕ್ಷಣೆ ಬಗ್ಗೆ ಮಾಹಿತಿ ನೀಡಿದರು. ಡಿವಿಎಸ್ ಕಾಲೇಜಿನ ನಿವೃತ್ತ ಪ್ರಾಂಶುಪಾಲ ಪ್ರಭಾಕರ್ ಅವರು ಪರಿಸರ ಸಂರಕ್ಷಣೆ ಬಗ್ಗೆ ಮಾಹಿತಿ ನೀಡಿದರು. ಚಾರಿಟಬಲ್ ಟ್ರಸ್ಟ್‌ನ ಪ್ರಮುಖರು ಹಾಗೂ ಗ್ರಾಮದ ಹಿರಿಯರು ಉಪಸ್ಥಿತರಿದ್ದರು.
ಎನ್‌ಹೆಚ್‌ನಲ್ಲಿ ಕೋವಿಡ್ ಲಸಿಕೆ ಅಭಿಯಾನ
ಶಿವಮೊಗ್ಗ : ಜ.19ರಂದ ನಗರದ ಸಮ್ಮಾನ್ವಾ ನಾರಾಯಣ ಮಲ್ಟಿಸ್ಪೆಷಾಲಿಟಿ ಆಸ್ಪತ್ರೆಯಲ್ಲಿ ಆಸ್ಪತ್ರೆಯ ಸಿಬ್ಬಂದಿಗಳಿಗೆ ಕೋವಿಡ್ ಲಸಿಕೆ ಅಭಿಯಾನಕ್ಕೆ ಚಾಲನೆ ನೀಡಲಾಯಿತು. ಪ್ರತಿ ದಿನ 100 ಜನ ಸಿಬ್ಬಂದಿಗಳಿಗೆ ಲಸಿಕೆಗಳನ್ನು ಹಾಕಲಾಗುವುದು ಎಂದು ಆಡಳಿತ ಮಂಡಳಿ ತಿಳಿಸಿದೆ.
ಹಲವಾರು ಸಾಧ್ಯತೆಗಳನ್ನು ಕುರಿತು ಮಾತನಾಡಿದರು. ವೈದ್ಯಕೀಯ ನಿರ್ದೇಶಕ ಡಾ. ರಾಜೇಂದ್ರ ಮತ್ತು ಆಸ್ಪತ್ರೆಯ ಸಿಬ್ಬಂದಿಗಳು ಹಾಜರಿದ್ದರು. ಲಸಿಕೆ ಪಡೆದ ಸಿಬ್ಬಂದಿಗಳಿಗೆ ಯಾವುದೇ ಅಡ್ಡ ಪರಿಣಾಮ ಕಂಡುಬಂದಿಲ್ಲ ಎಂದು ತಿಳಿಸಿದರು.
ಶಿವಮೊಗ್ಗ ಟಿ ಕರಾಟ ಅಸೋಸಿಯೇಷನ್ ವತಿಯಿಂದ ಶಿವಮೊಗ್ಗ ಗ್ರಾಮಾಂತರ ಶಾಸಕ ಅಶೋಕ್ ನಾಯ್ಕ ಅವರಿಗೆ ಹುಟ್ಟುಹಬ್ಬದ ಶುಭಾಶಯ ಕೋರಲಾಯಿತು. ಅಸೋಸಿಯೇಷನ್ ಪದಾಧಿಕಾರಿಗಳು ಉಪಸ್ಥಿತರಿದ್ದರು.
